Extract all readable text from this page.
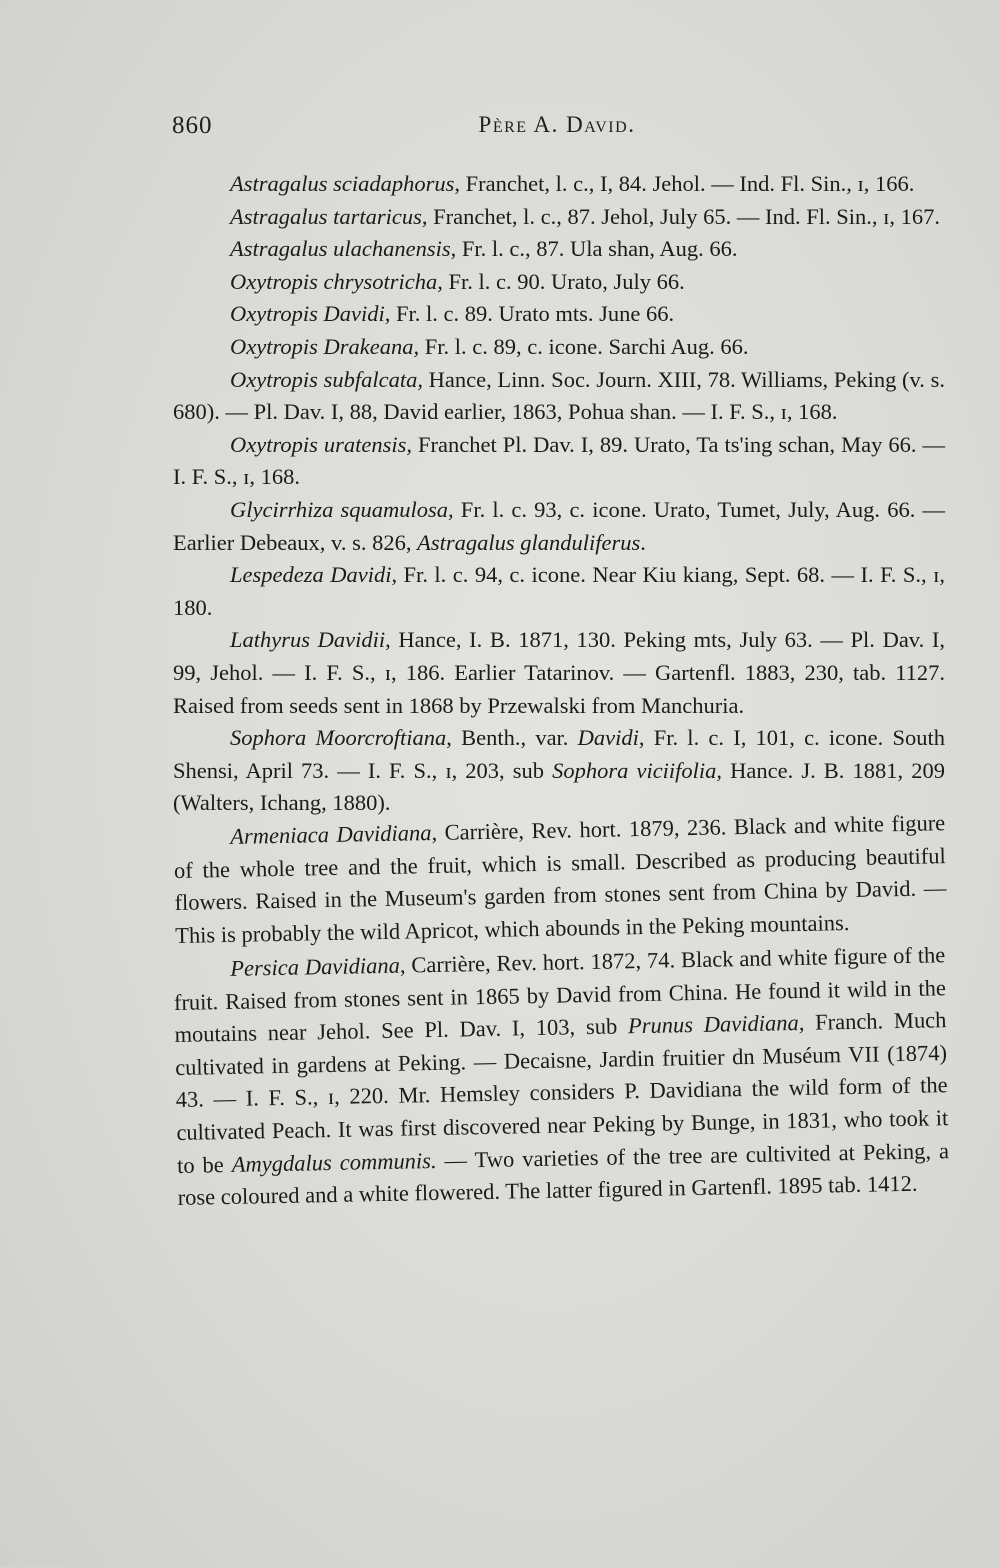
860	Père A. David.

Astragalus sciadaphorus, Franchet, l. c., I, 84. Jehol. — Ind. Fl. Sin., ɪ, 166.

Astragalus tartaricus, Franchet, l. c., 87. Jehol, July 65. — Ind. Fl. Sin., ɪ, 167.

Astragalus ulachanensis, Fr. l. c., 87. Ula shan, Aug. 66.

Oxytropis chrysotricha, Fr. l. c. 90. Urato, July 66.

Oxytropis Davidi, Fr. l. c. 89. Urato mts. June 66.

Oxytropis Drakeana, Fr. l. c. 89, c. icone. Sarchi Aug. 66.

Oxytropis subfalcata, Hance, Linn. Soc. Journ. XIII, 78. Williams, Peking (v. s. 680). — Pl. Dav. I, 88, David earlier, 1863, Pohua shan. — I. F. S., ɪ, 168.

Oxytropis uratensis, Franchet Pl. Dav. I, 89. Urato, Ta ts'ing schan, May 66. — I. F. S., ɪ, 168.

Glycirrhiza squamulosa, Fr. l. c. 93, c. icone. Urato, Tumet, July, Aug. 66. — Earlier Debeaux, v. s. 826, Astragalus glanduliferus.

Lespedeza Davidi, Fr. l. c. 94, c. icone. Near Kiu kiang, Sept. 68. — I. F. S., ɪ, 180.

Lathyrus Davidii, Hance, I. B. 1871, 130. Peking mts, July 63. — Pl. Dav. I, 99, Jehol. — I. F. S., ɪ, 186. Earlier Tatarinov. — Gartenfl. 1883, 230, tab. 1127. Raised from seeds sent in 1868 by Przewalski from Manchuria.

Sophora Moorcroftiana, Benth., var. Davidi, Fr. l. c. I, 101, c. icone. South Shensi, April 73. — I. F. S., ɪ, 203, sub Sophora viciifolia, Hance. J. B. 1881, 209 (Walters, Ichang, 1880).

Armeniaca Davidiana, Carrière, Rev. hort. 1879, 236. Black and white figure of the whole tree and the fruit, which is small. Described as producing beautiful flowers. Raised in the Museum's garden from stones sent from China by David. — This is probably the wild Apricot, which abounds in the Peking mountains.

Persica Davidiana, Carrière, Rev. hort. 1872, 74. Black and white figure of the fruit. Raised from stones sent in 1865 by David from China. He found it wild in the moutains near Jehol. See Pl. Dav. I, 103, sub Prunus Davidiana, Franch. Much cultivated in gardens at Peking. — Decaisne, Jardin fruitier dn Muséum VII (1874) 43. — I. F. S., ɪ, 220. Mr. Hemsley considers P. Davidiana the wild form of the cultivated Peach. It was first discovered near Peking by Bunge, in 1831, who took it to be Amygdalus communis. — Two varieties of the tree are cultivited at Peking, a rose coloured and a white flowered. The latter figured in Gartenfl. 1895 tab. 1412.
